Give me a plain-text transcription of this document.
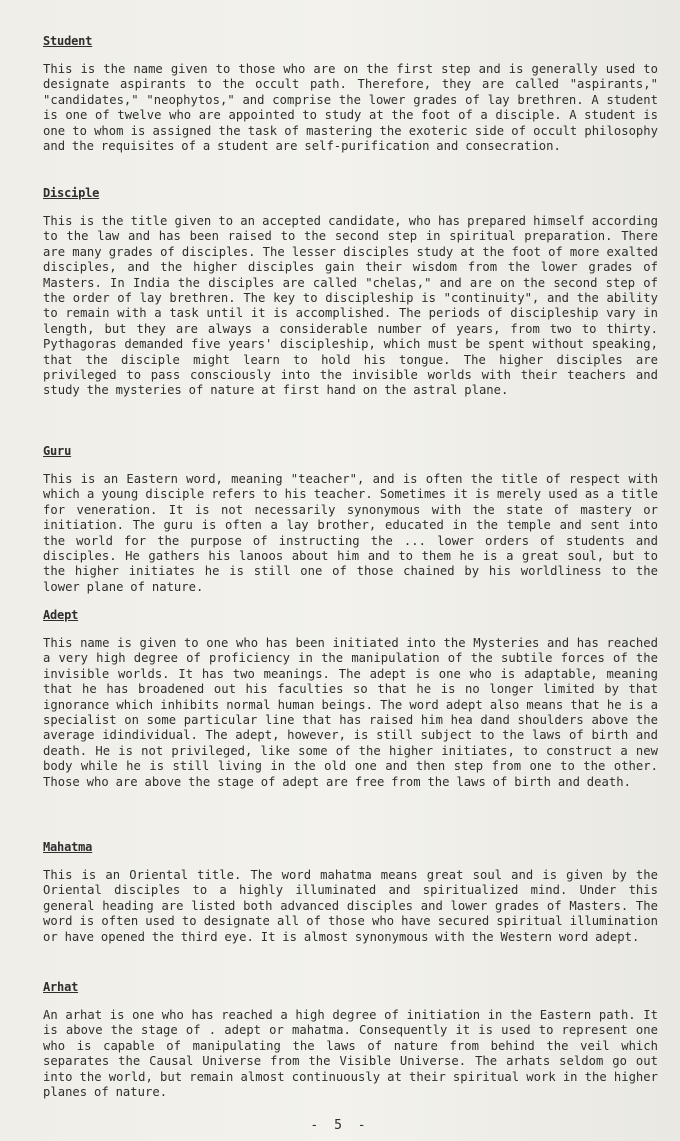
Student

This is the name given to those who are on the first step and is generally used to designate aspirants to the occult path. Therefore, they are called "aspirants," "candidates," "neophytos," and comprise the lower grades of lay brethren. A student is one of twelve who are appointed to study at the foot of a disciple. A student is one to whom is assigned the task of mastering the exoteric side of occult philosophy and the requisites of a student are self-purification and consecration.

Disciple

This is the title given to an accepted candidate, who has prepared himself according to the law and has been raised to the second step in spiritual preparation. There are many grades of disciples. The lesser disciples study at the foot of more exalted disciples, and the higher disciples gain their wisdom from the lower grades of Masters. In India the disciples are called "chelas," and are on the second step of the order of lay brethren. The key to discipleship is "continuity", and the ability to remain with a task until it is accomplished. The periods of discipleship vary in length, but they are always a considerable number of years, from two to thirty. Pythagoras demanded five years' discipleship, which must be spent without speaking, that the disciple might learn to hold his tongue. The higher disciples are privileged to pass consciously into the invisible worlds with their teachers and study the mysteries of nature at first hand on the astral plane.

Guru

This is an Eastern word, meaning "teacher", and is often the title of respect with which a young disciple refers to his teacher. Sometimes it is merely used as a title for veneration. It is not necessarily synonymous with the state of mastery or initiation. The guru is often a lay brother, educated in the temple and sent into the world for the purpose of instructing the ... lower orders of students and disciples. He gathers his lanoos about him and to them he is a great soul, but to the higher initiates he is still one of those chained by his worldliness to the lower plane of nature.

Adept

This name is given to one who has been initiated into the Mysteries and has reached a very high degree of proficiency in the manipulation of the subtile forces of the invisible worlds. It has two meanings. The adept is one who is adaptable, meaning that he has broadened out his faculties so that he is no longer limited by that ignorance which inhibits normal human beings. The word adept also means that he is a specialist on some particular line that has raised him hea dand shoulders above the average idindividual. The adept, however, is still subject to the laws of birth and death. He is not privileged, like some of the higher initiates, to construct a new body while he is still living in the old one and then step from one to the other. Those who are above the stage of adept are free from the laws of birth and death.

Mahatma

This is an Oriental title. The word mahatma means great soul and is given by the Oriental disciples to a highly illuminated and spiritualized mind. Under this general heading are listed both advanced disciples and lower grades of Masters. The word is often used to designate all of those who have secured spiritual illumination or have opened the third eye. It is almost synonymous with the Western word adept.

Arhat

An arhat is one who has reached a high degree of initiation in the Eastern path. It is above the stage of . adept or mahatma. Consequently it is used to represent one who is capable of manipulating the laws of nature from behind the veil which separates the Causal Universe from the Visible Universe. The arhats seldom go out into the world, but remain almost continuously at their spiritual work in the higher planes of nature.

- 5 -
